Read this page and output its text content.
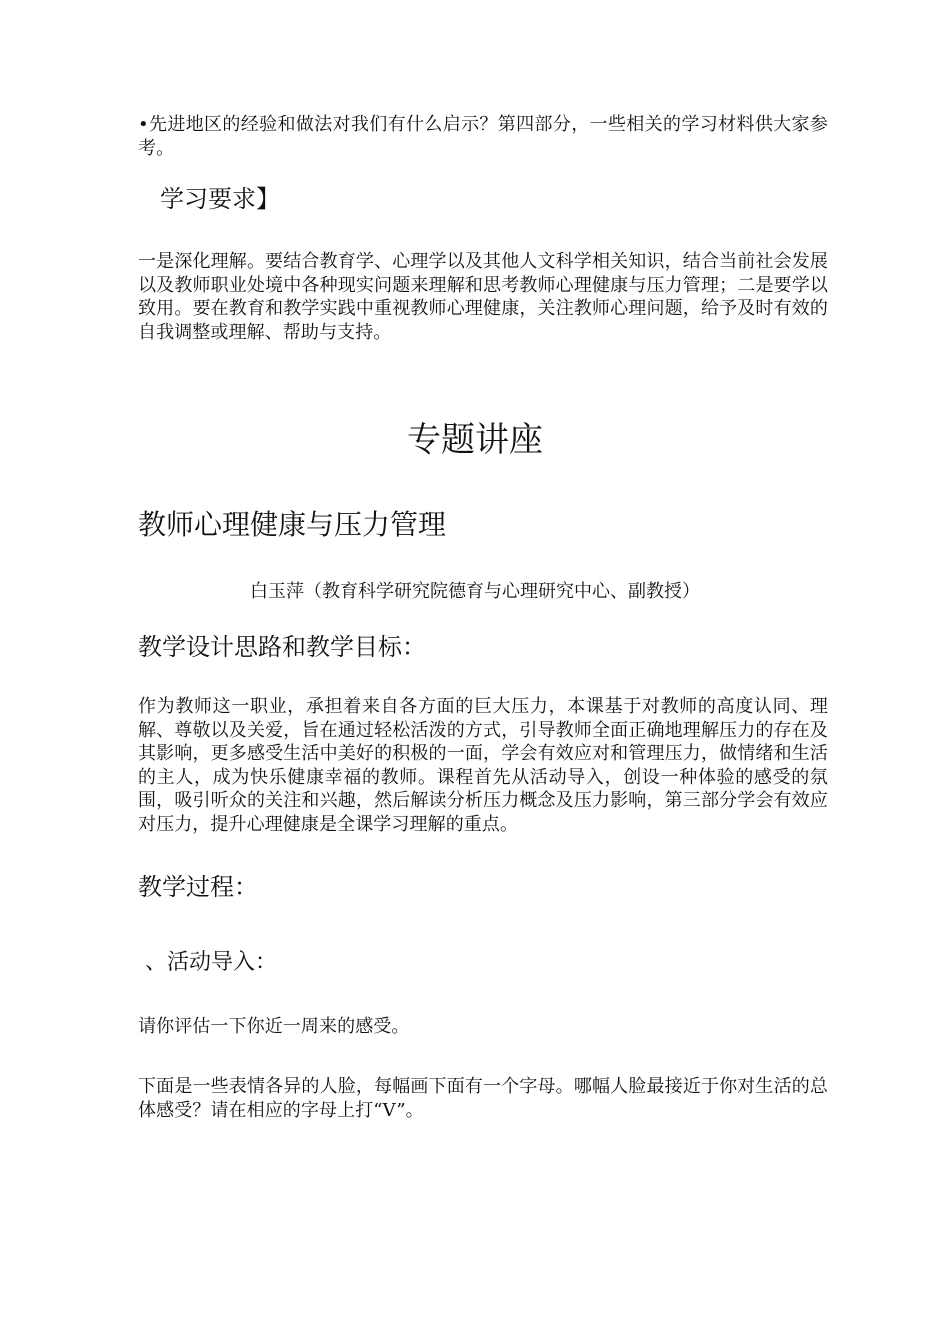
•先进地区的经验和做法对我们有什么启示？第四部分，一些相关的学习材料供大家参考。

学习要求】

一是深化理解。要结合教育学、心理学以及其他人文科学相关知识，结合当前社会发展以及教师职业处境中各种现实问题来理解和思考教师心理健康与压力管理；二是要学以致用。要在教育和教学实践中重视教师心理健康，关注教师心理问题，给予及时有效的自我调整或理解、帮助与支持。

专题讲座
教师心理健康与压力管理

白玉萍（教育科学研究院德育与心理研究中心、副教授）

教学设计思路和教学目标：

作为教师这一职业，承担着来自各方面的巨大压力，本课基于对教师的高度认同、理解、尊敬以及关爱，旨在通过轻松活泼的方式，引导教师全面正确地理解压力的存在及其影响，更多感受生活中美好的积极的一面，学会有效应对和管理压力，做情绪和生活的主人，成为快乐健康幸福的教师。课程首先从活动导入，创设一种体验的感受的氛围，吸引听众的关注和兴趣，然后解读分析压力概念及压力影响，第三部分学会有效应对压力，提升心理健康是全课学习理解的重点。

教学过程：
、活动导入：

请你评估一下你近一周来的感受。

下面是一些表情各异的人脸，每幅画下面有一个字母。哪幅人脸最接近于你对生活的总体感受？请在相应的字母上打“V”。
